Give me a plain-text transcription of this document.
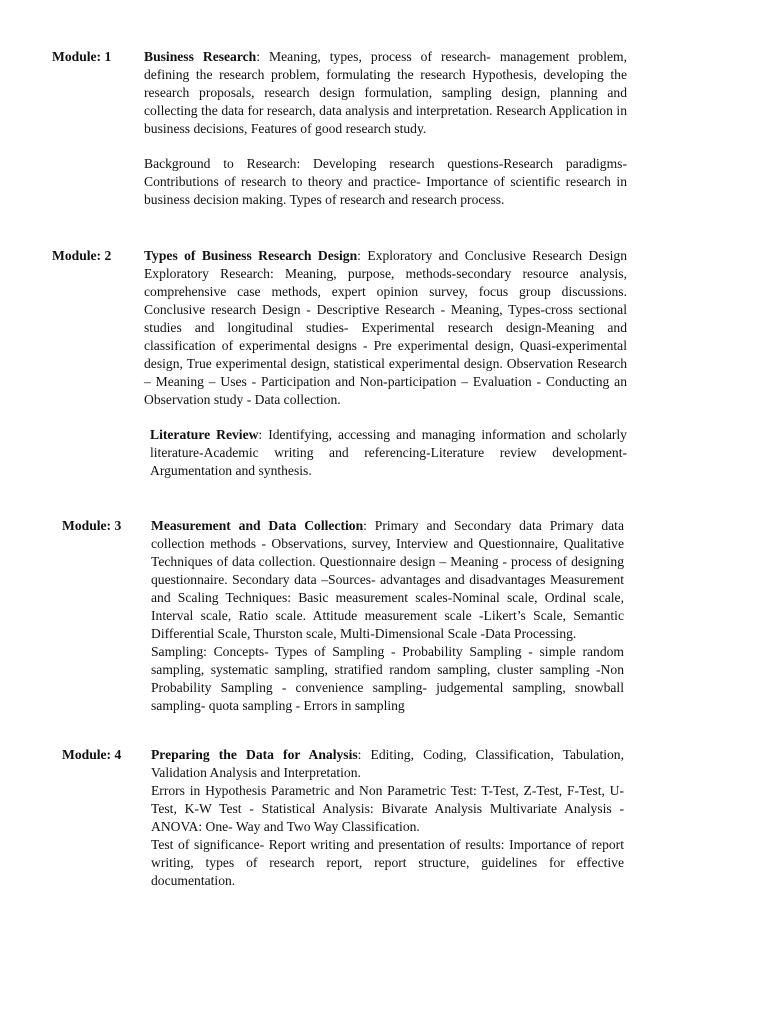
Module: 1 Business Research: Meaning, types, process of research- management problem, defining the research problem, formulating the research Hypothesis, developing the research proposals, research design formulation, sampling design, planning and collecting the data for research, data analysis and interpretation. Research Application in business decisions, Features of good research study.

Background to Research: Developing research questions-Research paradigms-Contributions of research to theory and practice- Importance of scientific research in business decision making. Types of research and research process.

Module: 2 Types of Business Research Design: Exploratory and Conclusive Research Design Exploratory Research: Meaning, purpose, methods-secondary resource analysis, comprehensive case methods, expert opinion survey, focus group discussions. Conclusive research Design - Descriptive Research - Meaning, Types-cross sectional studies and longitudinal studies- Experimental research design-Meaning and classification of experimental designs - Pre experimental design, Quasi-experimental design, True experimental design, statistical experimental design. Observation Research – Meaning – Uses - Participation and Non-participation – Evaluation - Conducting an Observation study - Data collection.

Literature Review: Identifying, accessing and managing information and scholarly literature-Academic writing and referencing-Literature review development-Argumentation and synthesis.

Module: 3 Measurement and Data Collection: Primary and Secondary data Primary data collection methods - Observations, survey, Interview and Questionnaire, Qualitative Techniques of data collection. Questionnaire design – Meaning - process of designing questionnaire. Secondary data –Sources- advantages and disadvantages Measurement and Scaling Techniques: Basic measurement scales-Nominal scale, Ordinal scale, Interval scale, Ratio scale. Attitude measurement scale -Likert’s Scale, Semantic Differential Scale, Thurston scale, Multi-Dimensional Scale -Data Processing.

Sampling: Concepts- Types of Sampling - Probability Sampling - simple random sampling, systematic sampling, stratified random sampling, cluster sampling -Non Probability Sampling - convenience sampling- judgemental sampling, snowball sampling- quota sampling - Errors in sampling

Module: 4 Preparing the Data for Analysis: Editing, Coding, Classification, Tabulation, Validation Analysis and Interpretation.

Errors in Hypothesis Parametric and Non Parametric Test: T-Test, Z-Test, F-Test, U-Test, K-W Test - Statistical Analysis: Bivarate Analysis Multivariate Analysis - ANOVA: One- Way and Two Way Classification.

Test of significance- Report writing and presentation of results: Importance of report writing, types of research report, report structure, guidelines for effective documentation.
